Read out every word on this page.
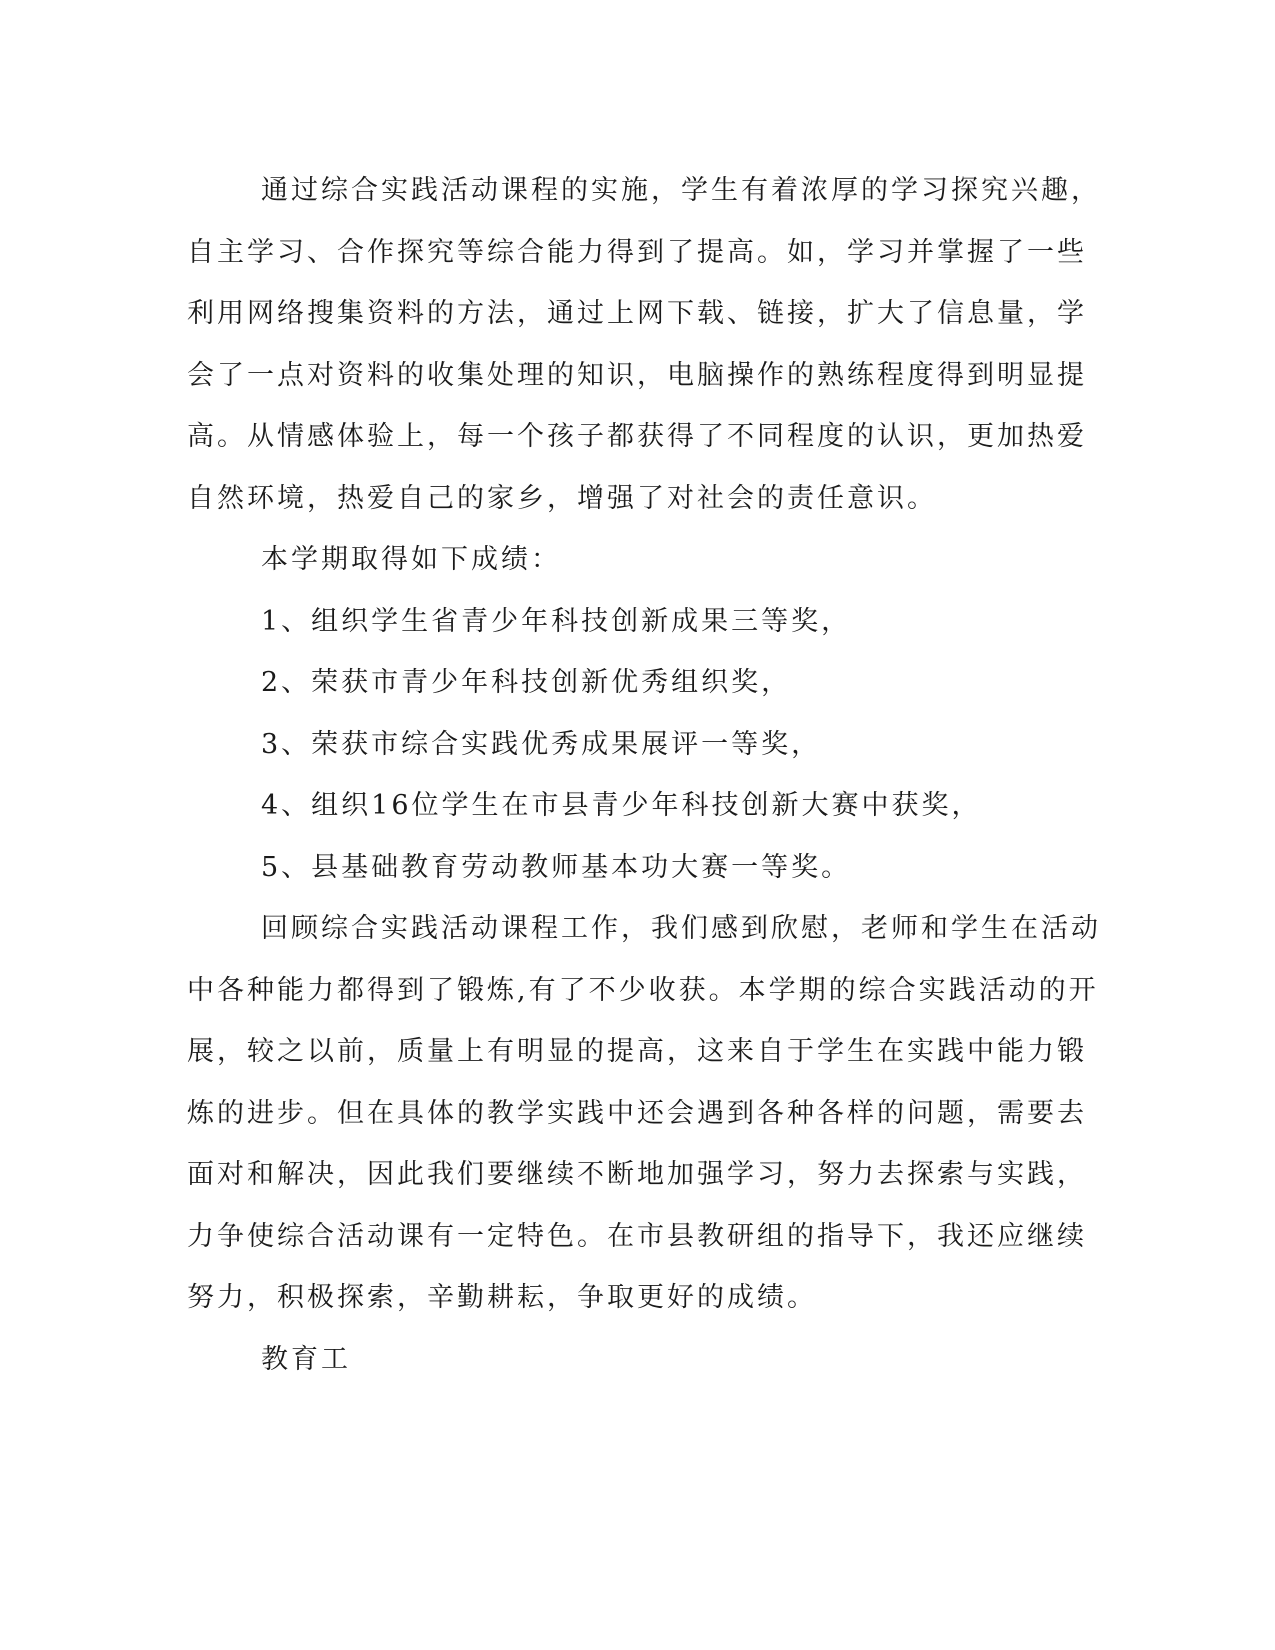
通过综合实践活动课程的实施，学生有着浓厚的学习探究兴趣，
自主学习、合作探究等综合能力得到了提高。如，学习并掌握了一些
利用网络搜集资料的方法，通过上网下载、链接，扩大了信息量，学
会了一点对资料的收集处理的知识，电脑操作的熟练程度得到明显提
高。从情感体验上，每一个孩子都获得了不同程度的认识，更加热爱
自然环境，热爱自己的家乡，增强了对社会的责任意识。
本学期取得如下成绩：
1、组织学生省青少年科技创新成果三等奖，
2、荣获市青少年科技创新优秀组织奖，
3、荣获市综合实践优秀成果展评一等奖，
4、组织16位学生在市县青少年科技创新大赛中获奖，
5、县基础教育劳动教师基本功大赛一等奖。
回顾综合实践活动课程工作，我们感到欣慰，老师和学生在活动
中各种能力都得到了锻炼,有了不少收获。本学期的综合实践活动的开
展，较之以前，质量上有明显的提高，这来自于学生在实践中能力锻
炼的进步。但在具体的教学实践中还会遇到各种各样的问题，需要去
面对和解决，因此我们要继续不断地加强学习，努力去探索与实践，
力争使综合活动课有一定特色。在市县教研组的指导下，我还应继续
努力，积极探索，辛勤耕耘，争取更好的成绩。
教育工
